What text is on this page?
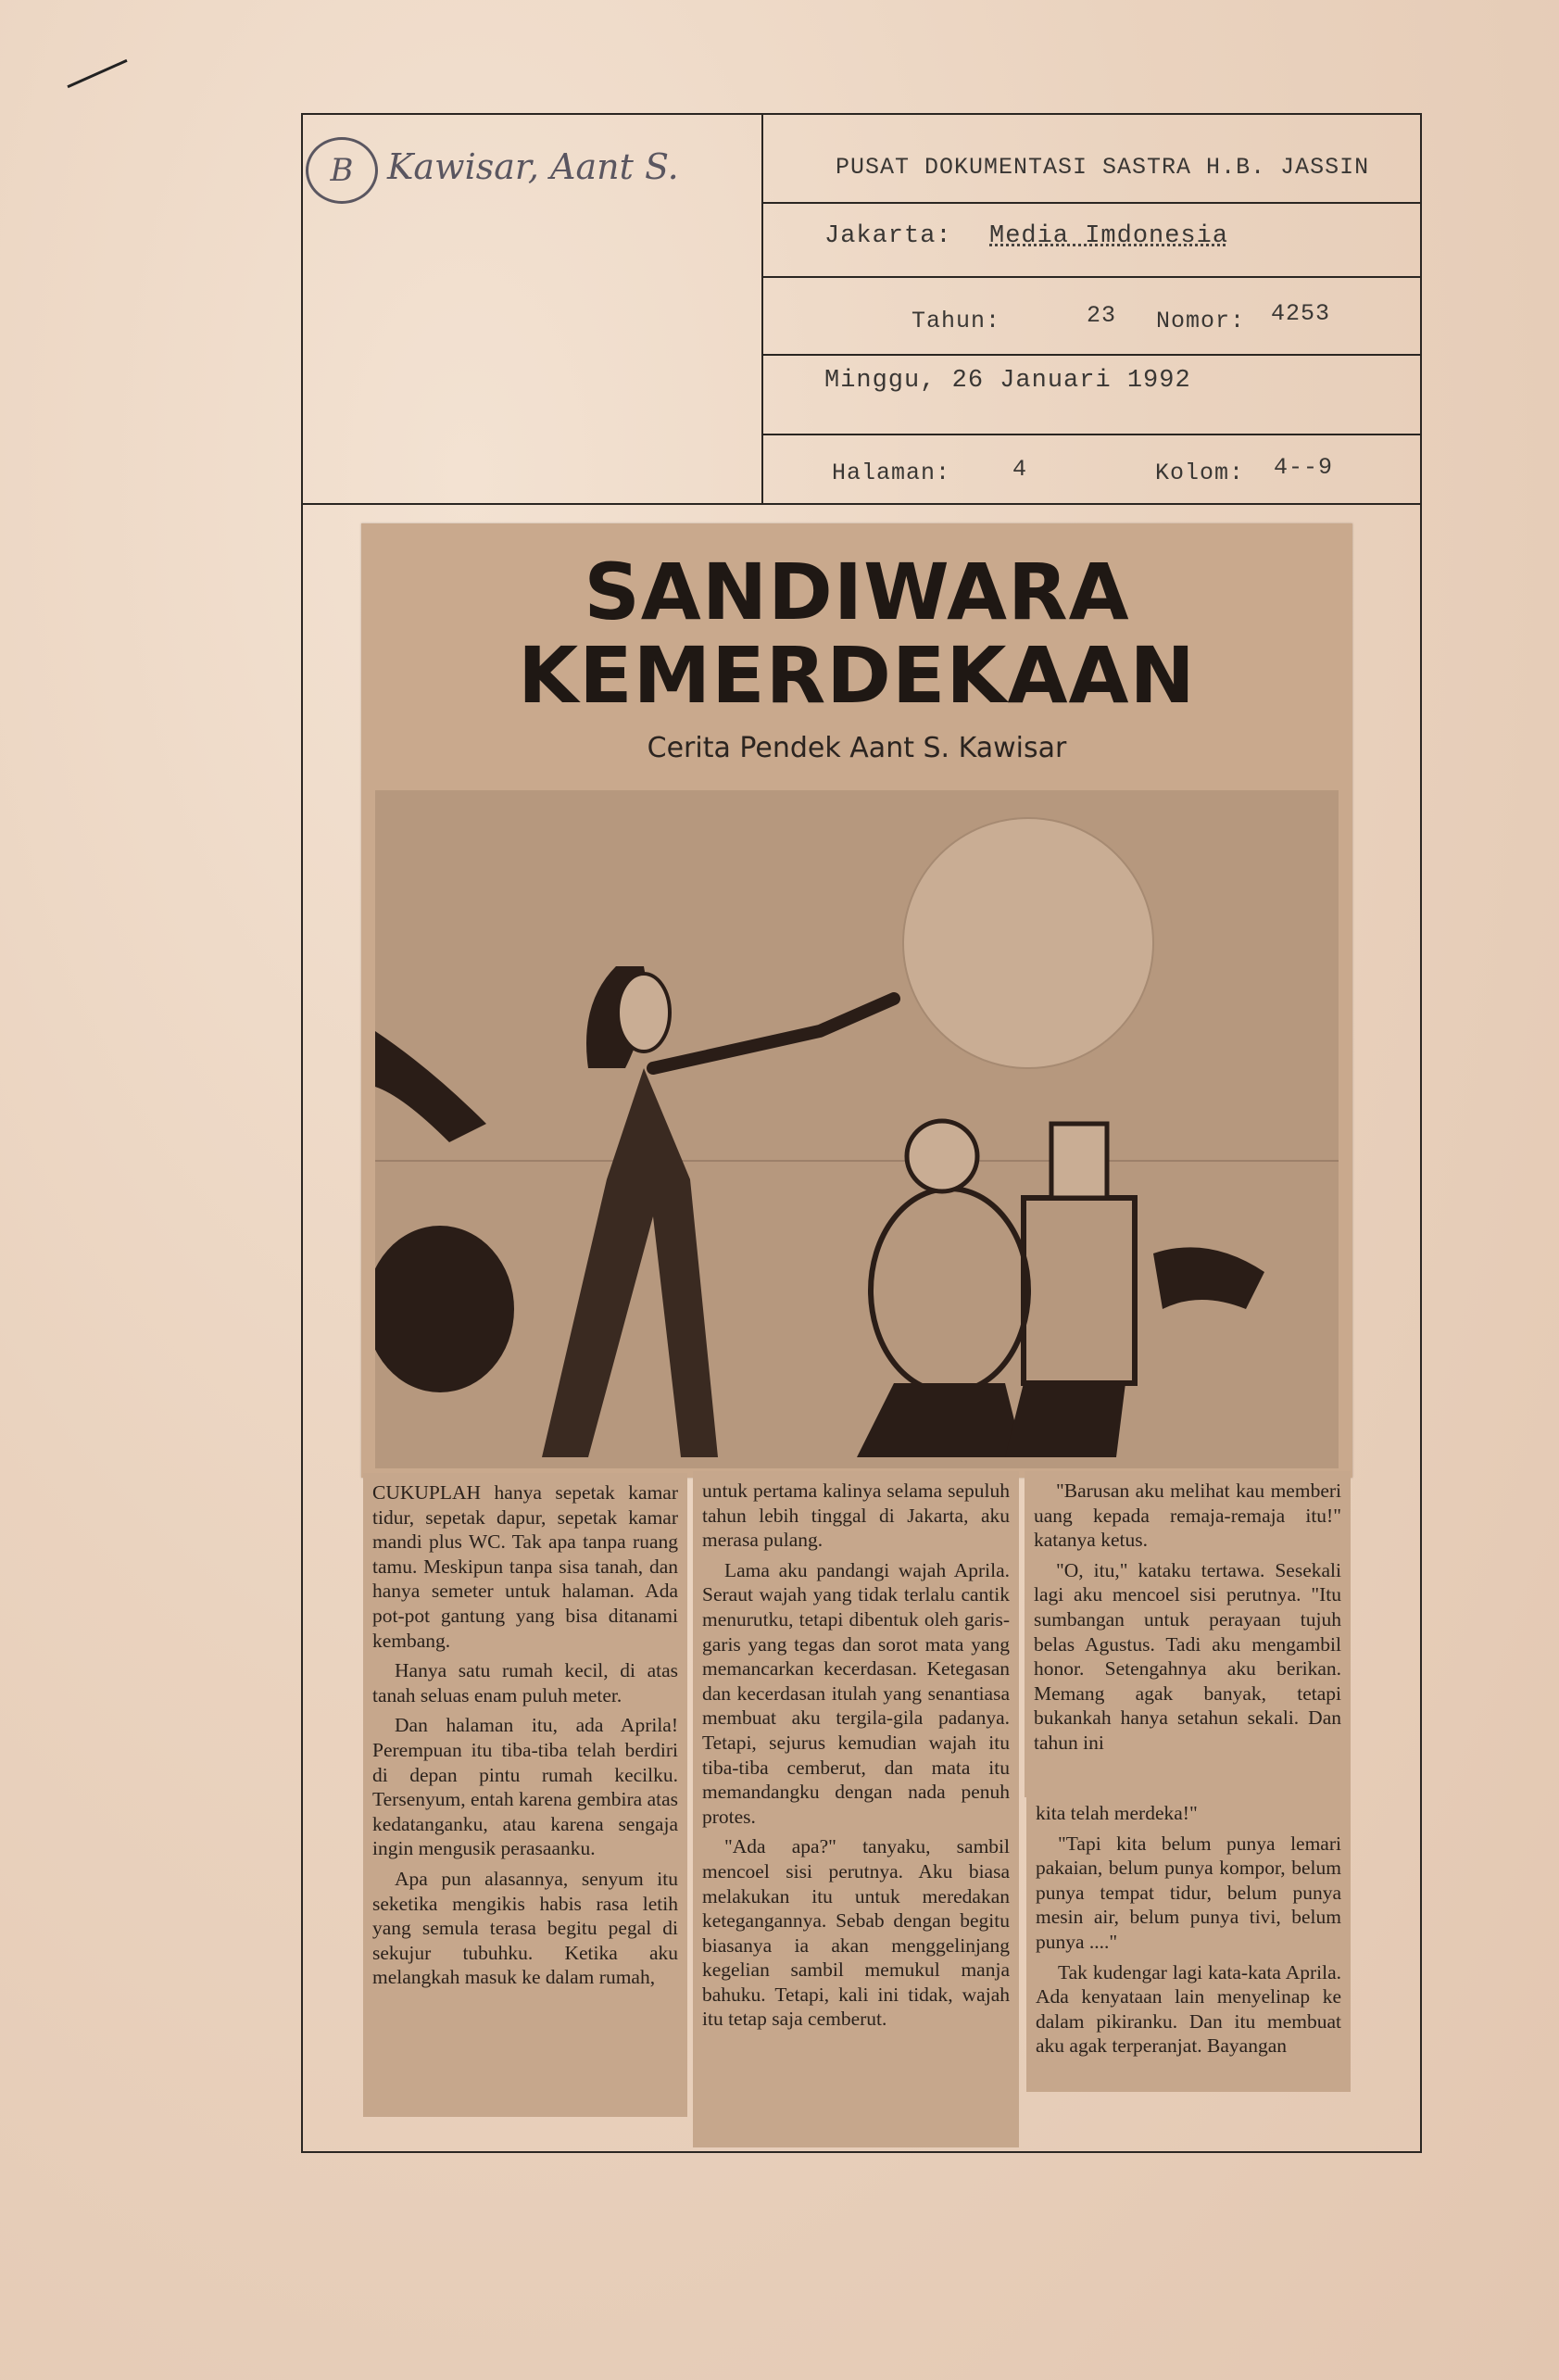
B Kawisar, Aant S.	PUSAT DOKUMENTASI SASTRA H.B. JASSIN
Jakarta: Media Imdonesia
Tahun:	23 Nomor: 4253
Minggu, 26 Januari 1992
Halaman:	4	Kolom: 4--9
SANDIWARA
KEMERDEKAAN
Cerita Pendek Aant S. Kawisar

CUKUPLAH hanya sepetak kamar tidur, sepetak dapur, sepetak kamar mandi plus WC. Tak apa tanpa ruang tamu. Meskipun tanpa sisa tanah, dan hanya semeter untuk halaman. Ada pot-pot gantung yang bisa ditanami kembang.

Hanya satu rumah kecil, di atas tanah seluas enam puluh meter.

Dan halaman itu, ada Aprila! Perempuan itu tiba-tiba telah berdiri di depan pintu rumah kecilku. Tersenyum, entah karena gembira atas kedatanganku, atau karena sengaja ingin mengusik perasaanku.

Apa pun alasannya, senyum itu seketika mengikis habis rasa letih yang semula terasa begitu pegal di sekujur tubuhku. Ketika aku melangkah masuk ke dalam rumah,

untuk pertama kalinya selama sepuluh tahun lebih tinggal di Jakarta, aku merasa pulang.

Lama aku pandangi wajah Aprila. Seraut wajah yang tidak terlalu cantik menurutku, tetapi dibentuk oleh garis-garis yang tegas dan sorot mata yang memancarkan kecerdasan. Ketegasan dan kecerdasan itulah yang senantiasa membuat aku tergila-gila padanya. Tetapi, sejurus kemudian wajah itu tiba-tiba cemberut, dan mata itu memandangku dengan nada penuh protes.

"Ada apa?" tanyaku, sambil mencoel sisi perutnya. Aku biasa melakukan itu untuk meredakan ketegangannya. Sebab dengan begitu biasanya ia akan menggelinjang kegelian sambil memukul manja bahuku. Tetapi, kali ini tidak, wajah itu tetap saja cemberut.

"Barusan aku melihat kau memberi uang kepada remaja-remaja itu!" katanya ketus.

"O, itu," kataku tertawa. Sesekali lagi aku mencoel sisi perutnya. "Itu sumbangan untuk perayaan tujuh belas Agustus. Tadi aku mengambil honor. Setengahnya aku berikan. Memang agak banyak, tetapi bukankah hanya setahun sekali. Dan tahun ini

kita telah merdeka!"

"Tapi kita belum punya lemari pakaian, belum punya kompor, belum punya tempat tidur, belum punya mesin air, belum punya tivi, belum punya ...."

Tak kudengar lagi kata-kata Aprila. Ada kenyataan lain menyelinap ke dalam pikiranku. Dan itu membuat aku agak terperanjat. Bayangan
